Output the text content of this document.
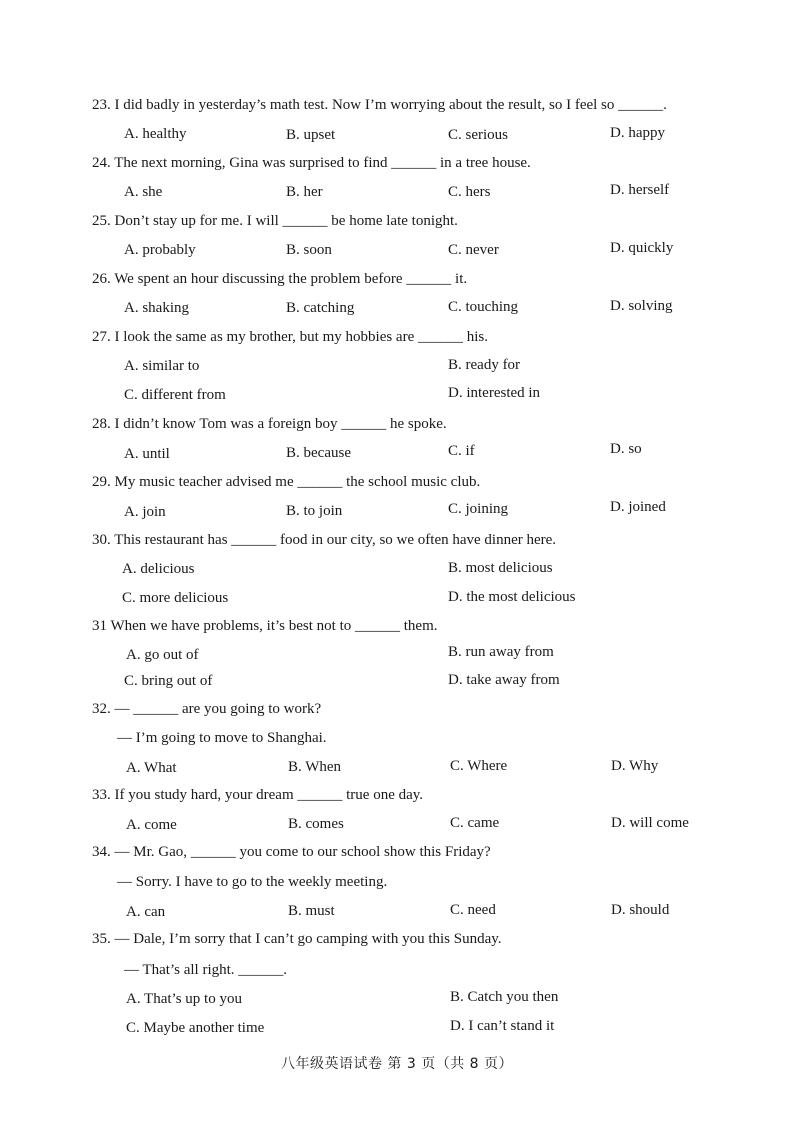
23. I did badly in yesterday’s math test. Now I’m worrying about the result, so I feel so ______.
A. healthy	B. upset	C. serious	D. happy
24. The next morning, Gina was surprised to find ______ in a tree house.
A. she	B. her	C. hers	D. herself
25. Don’t stay up for me. I will ______ be home late tonight.
A. probably	B. soon	C. never	D. quickly
26. We spent an hour discussing the problem before ______ it.
A. shaking	B. catching	C. touching	D. solving
27. I look the same as my brother, but my hobbies are ______ his.
A. similar to	B. ready for
C. different from	D. interested in
28. I didn’t know Tom was a foreign boy ______ he spoke.
A. until	B. because	C. if	D. so
29. My music teacher advised me ______ the school music club.
A. join	B. to join	C. joining	D. joined
30. This restaurant has ______ food in our city, so we often have dinner here.
A. delicious	B. most delicious
C. more delicious	D. the most delicious
31 When we have problems, it’s best not to ______ them.
A. go out of	B. run away from
C. bring out of	D. take away from
32. — ______ are you going to work?
— I’m going to move to Shanghai.
A. What	B. When	C. Where	D. Why
33. If you study hard, your dream ______ true one day.
A. come	B. comes	C. came	D. will come
34. — Mr. Gao, ______ you come to our school show this Friday?
— Sorry. I have to go to the weekly meeting.
A. can	B. must	C. need	D. should
35. — Dale, I’m sorry that I can’t go camping with you this Sunday.
— That’s all right. ______.
A. That’s up to you	B. Catch you then
C. Maybe another time	D. I can’t stand it
八年级英语试卷 第 3 页（共 8 页）
